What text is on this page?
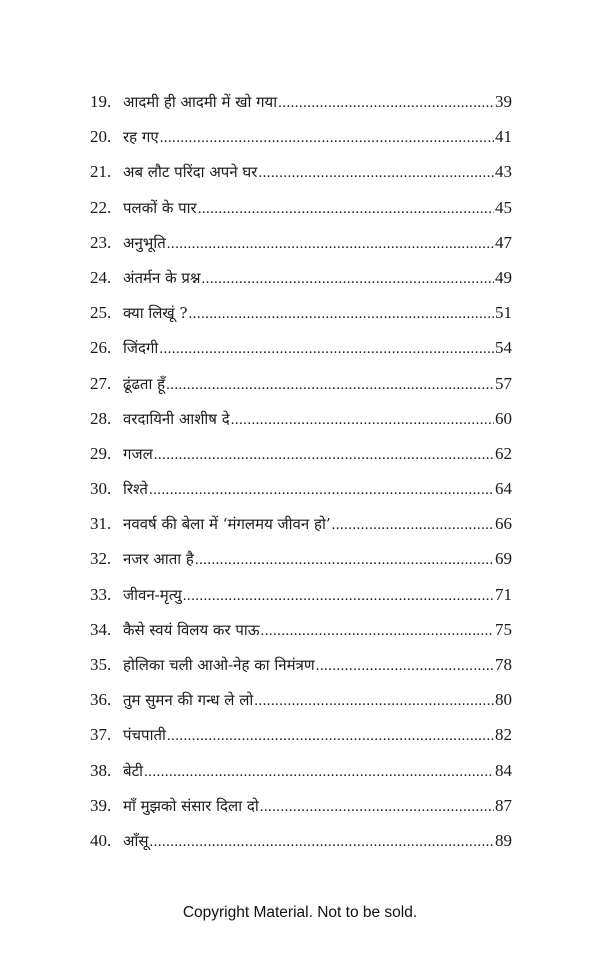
19. आदमी ही आदमी में खो गया .....	39
20. रह गए .....	41
21. अब लौट परिंदा अपने घर .....	43
22. पलकों के पार .....	45
23. अनुभूति .....	47
24. अंतर्मन के प्रश्न .....	49
25. क्या लिखूं ? .....	51
26. जिंदगी .....	54
27. ढूंढता हूँ .....	57
28. वरदायिनी आशीष दे .....	60
29. गजल .....	62
30. रिश्ते .....	64
31. नववर्ष की बेला में ‘मंगलमय जीवन हो’ .....	66
32. नजर आता है .....	69
33. जीवन-मृत्यु .....	71
34. कैसे स्वयं विलय कर पाऊ .....	75
35. होलिका चली आओ-नेह का निमंत्रण .....	78
36. तुम सुमन की गन्ध ले लो .....	80
37. पंचपाती .....	82
38. बेटी .....	84
39. माँ मुझको संसार दिला दो .....	87
40. आँसू .....	89
Copyright Material. Not to be sold.
